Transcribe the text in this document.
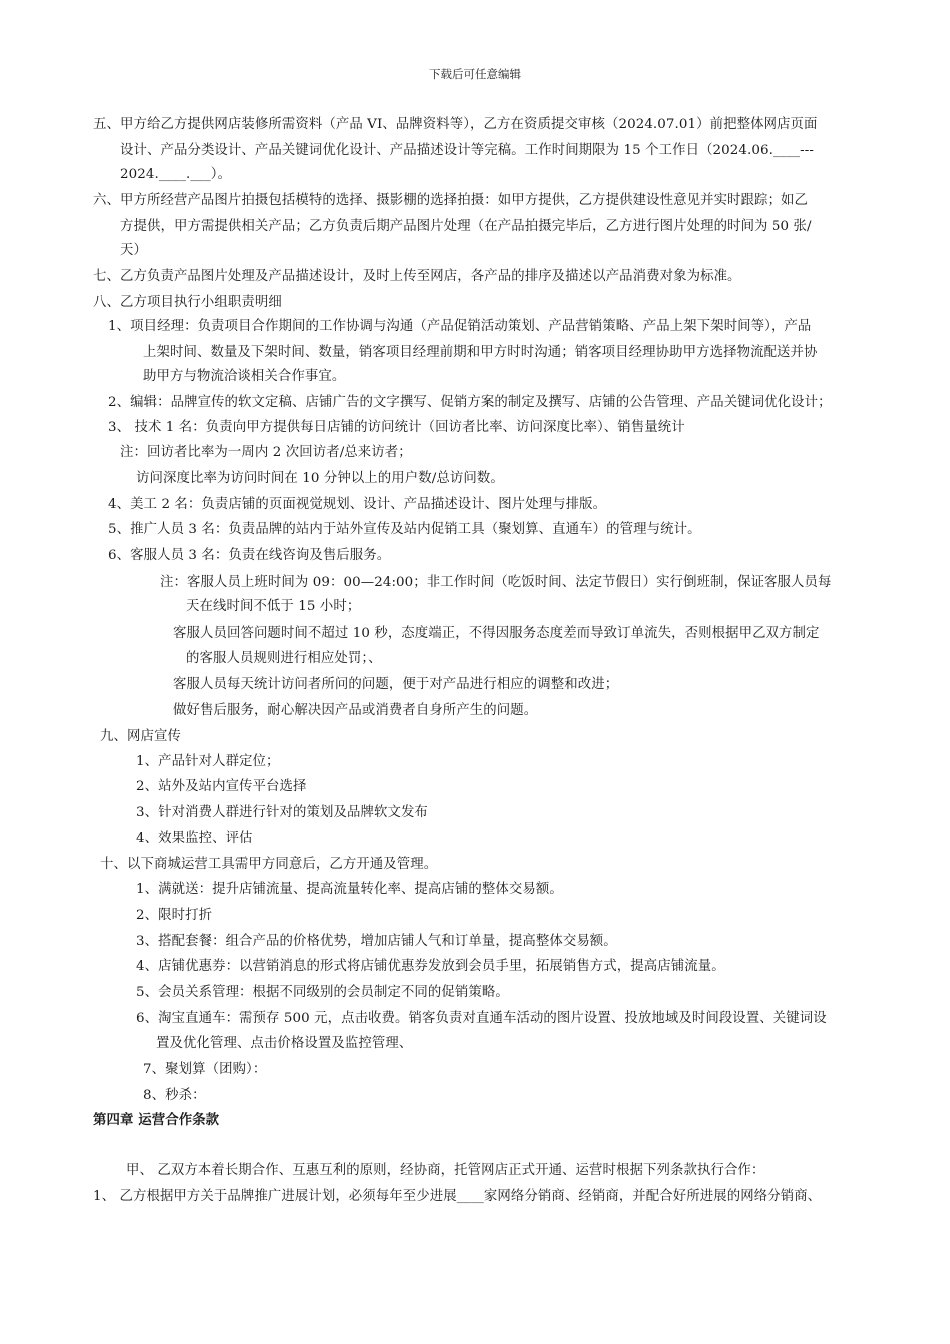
下载后可任意编辑
五、甲方给乙方提供网店装修所需资料（产品 VI、品牌资料等），乙方在资质提交审核（2024.07.01）前把整体网店页面
设计、产品分类设计、产品关键词优化设计、产品描述设计等完稿。工作时间期限为 15 个工作日（2024.06.____---
2024.____.___）。
六、甲方所经营产品图片拍摄包括模特的选择、摄影棚的选择拍摄：如甲方提供，乙方提供建设性意见并实时跟踪；如乙
方提供，甲方需提供相关产品；乙方负责后期产品图片处理（在产品拍摄完毕后，乙方进行图片处理的时间为 50 张/
天）
七、乙方负责产品图片处理及产品描述设计，及时上传至网店，各产品的排序及描述以产品消费对象为标准。
八、乙方项目执行小组职责明细
1、项目经理：负责项目合作期间的工作协调与沟通（产品促销活动策划、产品营销策略、产品上架下架时间等），产品
上架时间、数量及下架时间、数量，销客项目经理前期和甲方时时沟通；销客项目经理协助甲方选择物流配送并协
助甲方与物流洽谈相关合作事宜。
2、编辑：品牌宣传的软文定稿、店铺广告的文字撰写、促销方案的制定及撰写、店铺的公告管理、产品关键词优化设计；
3、 技术 1 名：负责向甲方提供每日店铺的访问统计（回访者比率、访问深度比率）、销售量统计
注：回访者比率为一周内 2 次回访者/总来访者；
访问深度比率为访问时间在 10 分钟以上的用户数/总访问数。
4、美工 2 名：负责店铺的页面视觉规划、设计、产品描述设计、图片处理与排版。
5、推广人员 3 名：负责品牌的站内于站外宣传及站内促销工具（聚划算、直通车）的管理与统计。
6、客服人员 3 名：负责在线咨询及售后服务。
注：客服人员上班时间为 09：00—24:00；非工作时间（吃饭时间、法定节假日）实行倒班制，保证客服人员每
天在线时间不低于 15 小时；
客服人员回答问题时间不超过 10 秒，态度端正，不得因服务态度差而导致订单流失，否则根据甲乙双方制定
的客服人员规则进行相应处罚；、
客服人员每天统计访问者所问的问题，便于对产品进行相应的调整和改进；
做好售后服务，耐心解决因产品或消费者自身所产生的问题。
九、网店宣传
1、产品针对人群定位；
2、站外及站内宣传平台选择
3、针对消费人群进行针对的策划及品牌软文发布
4、效果监控、评估
十、以下商城运营工具需甲方同意后，乙方开通及管理。
1、满就送：提升店铺流量、提高流量转化率、提高店铺的整体交易额。
2、限时打折
3、搭配套餐：组合产品的价格优势，增加店铺人气和订单量，提高整体交易额。
4、店铺优惠券：以营销消息的形式将店铺优惠券发放到会员手里，拓展销售方式，提高店铺流量。
5、会员关系管理：根据不同级别的会员制定不同的促销策略。
6、淘宝直通车：需预存 500 元，点击收费。销客负责对直通车活动的图片设置、投放地域及时间段设置、关键词设
置及优化管理、点击价格设置及监控管理、
7、聚划算（团购）：
8、秒杀：
第四章 运营合作条款
甲、 乙双方本着长期合作、互惠互利的原则，经协商，托管网店正式开通、运营时根据下列条款执行合作：
1、 乙方根据甲方关于品牌推广进展计划，必须每年至少进展____家网络分销商、经销商，并配合好所进展的网络分销商、
